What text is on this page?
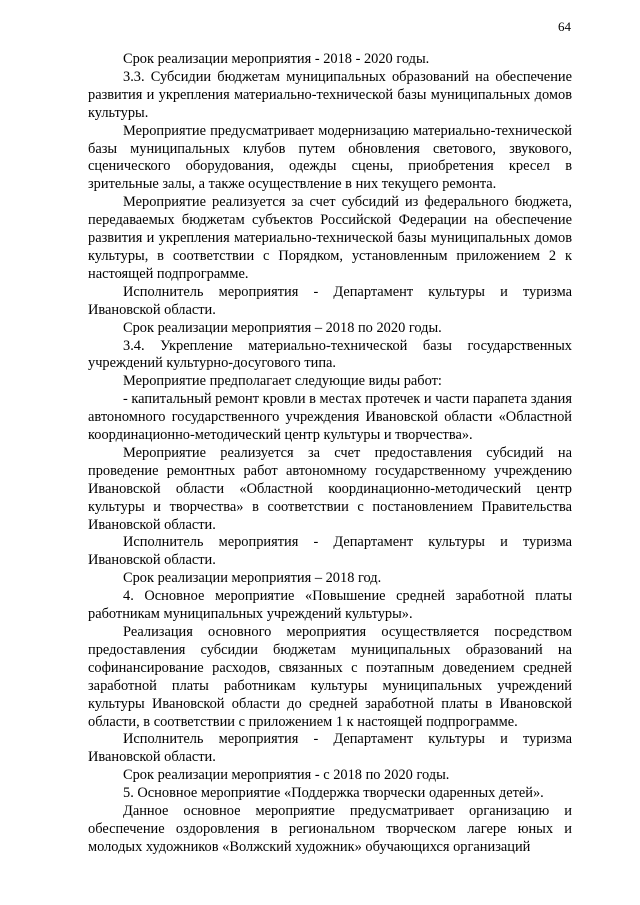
64

Срок реализации мероприятия - 2018 - 2020 годы.

3.3. Субсидии бюджетам муниципальных образований на обеспечение развития и укрепления материально-технической базы муниципальных домов культуры.

Мероприятие предусматривает модернизацию материально-технической базы муниципальных клубов путем обновления светового, звукового, сценического оборудования, одежды сцены, приобретения кресел в зрительные залы, а также осуществление в них текущего ремонта.

Мероприятие реализуется за счет субсидий из федерального бюджета, передаваемых бюджетам субъектов Российской Федерации на обеспечение развития и укрепления материально-технической базы муниципальных домов культуры, в соответствии с Порядком, установленным приложением 2 к настоящей подпрограмме.

Исполнитель мероприятия - Департамент культуры и туризма Ивановской области.

Срок реализации мероприятия – 2018 по 2020 годы.

3.4. Укрепление материально-технической базы государственных учреждений культурно-досугового типа.

Мероприятие предполагает следующие виды работ:

- капитальный ремонт кровли в местах протечек и части парапета здания автономного государственного учреждения Ивановской области «Областной координационно-методический центр культуры и творчества».

Мероприятие реализуется за счет предоставления субсидий на проведение ремонтных работ автономному государственному учреждению Ивановской области «Областной координационно-методический центр культуры и творчества» в соответствии с постановлением Правительства Ивановской области.

Исполнитель мероприятия - Департамент культуры и туризма Ивановской области.

Срок реализации мероприятия – 2018 год.

4. Основное мероприятие «Повышение средней заработной платы работникам муниципальных учреждений культуры».

Реализация основного мероприятия осуществляется посредством предоставления субсидии бюджетам муниципальных образований на софинансирование расходов, связанных с поэтапным доведением средней заработной платы работникам культуры муниципальных учреждений культуры Ивановской области до средней заработной платы в Ивановской области, в соответствии с приложением 1 к настоящей подпрограмме.

Исполнитель мероприятия - Департамент культуры и туризма Ивановской области.

Срок реализации мероприятия - с 2018 по 2020 годы.

5. Основное мероприятие «Поддержка творчески одаренных детей».

Данное основное мероприятие предусматривает организацию и обеспечение оздоровления в региональном творческом лагере юных и молодых художников «Волжский художник» обучающихся организаций
